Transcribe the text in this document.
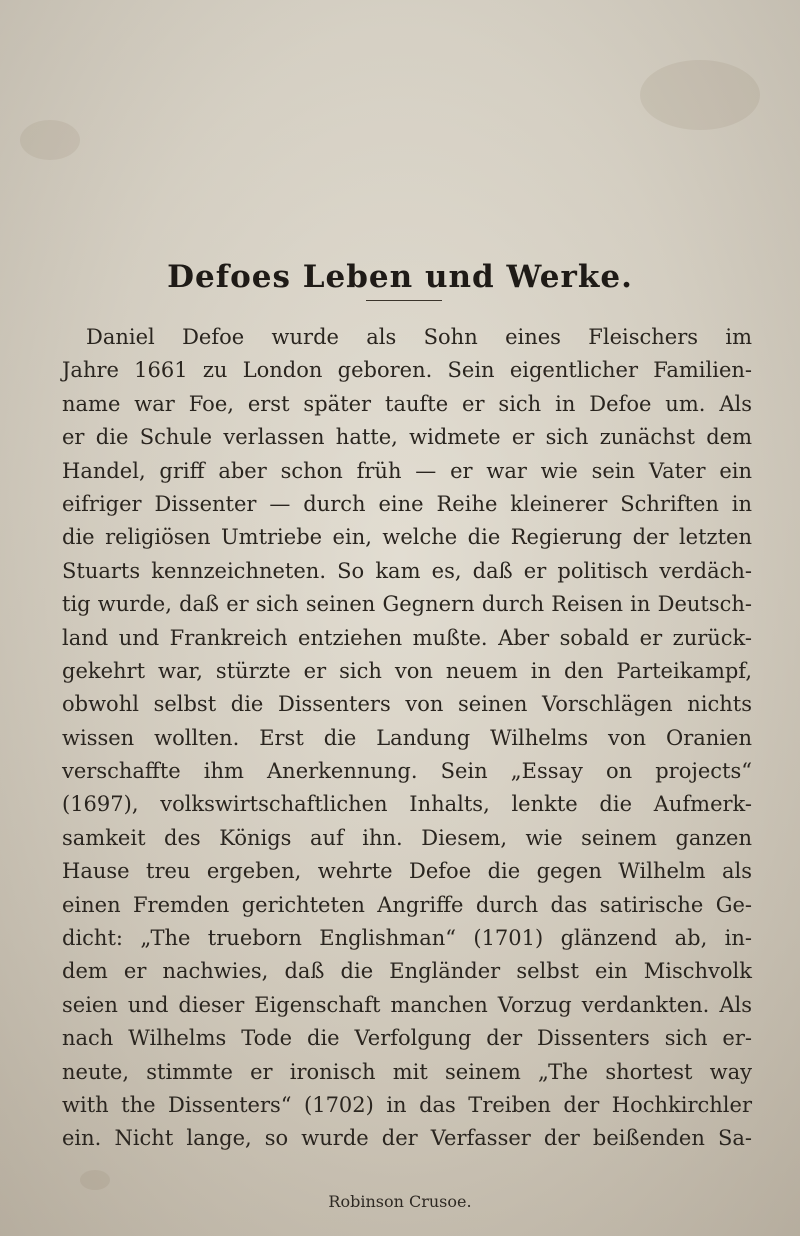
Defoes Leben und Werke.
Daniel Defoe wurde als Sohn eines Fleischers im
Jahre 1661 zu London geboren. Sein eigentlicher Familien-
name war Foe, erst später taufte er sich in Defoe um. Als
er die Schule verlassen hatte, widmete er sich zunächst dem
Handel, griff aber schon früh — er war wie sein Vater ein
eifriger Dissenter — durch eine Reihe kleinerer Schriften in
die religiösen Umtriebe ein, welche die Regierung der letzten
Stuarts kennzeichneten. So kam es, daß er politisch verdäch-
tig wurde, daß er sich seinen Gegnern durch Reisen in Deutsch-
land und Frankreich entziehen mußte. Aber sobald er zurück-
gekehrt war, stürzte er sich von neuem in den Parteikampf,
obwohl selbst die Dissenters von seinen Vorschlägen nichts
wissen wollten. Erst die Landung Wilhelms von Oranien
verschaffte ihm Anerkennung. Sein „Essay on projects“
(1697), volkswirtschaftlichen Inhalts, lenkte die Aufmerk-
samkeit des Königs auf ihn. Diesem, wie seinem ganzen
Hause treu ergeben, wehrte Defoe die gegen Wilhelm als
einen Fremden gerichteten Angriffe durch das satirische Ge-
dicht: „The trueborn Englishman“ (1701) glänzend ab, in-
dem er nachwies, daß die Engländer selbst ein Mischvolk
seien und dieser Eigenschaft manchen Vorzug verdankten. Als
nach Wilhelms Tode die Verfolgung der Dissenters sich er-
neute, stimmte er ironisch mit seinem „The shortest way
with the Dissenters“ (1702) in das Treiben der Hochkirchler
ein. Nicht lange, so wurde der Verfasser der beißenden Sa-
Robinson Crusoe.
